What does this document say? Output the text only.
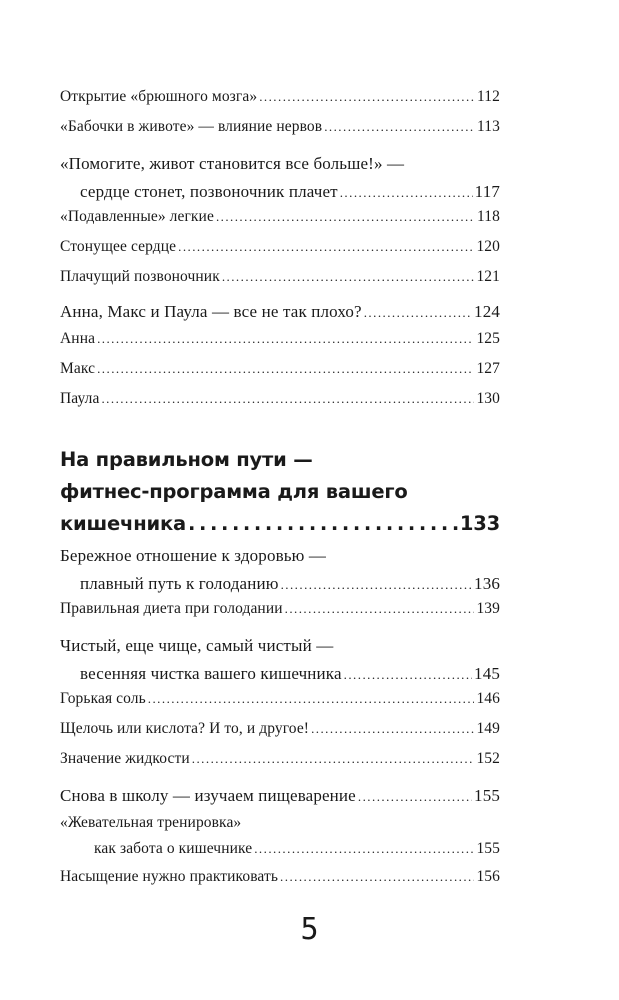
Открытие «брюшного мозга» . . .	112
«Бабочки в животе» — влияние нервов . . .	113
«Помогите, живот становится все больше!» —
сердце стонет, позвоночник плачет . . .	117
«Подавленные» легкие . . .	118
Стонущее сердце . . .	120
Плачущий позвоночник . . .	121
Анна, Макс и Паула — все не так плохо? . . .	124
Анна . . .	125
Макс . . .	127
Паула . . .	130
На правильном пути —
фитнес-программа для вашего
кишечника . . .	133
Бережное отношение к здоровью —
плавный путь к голоданию . . .	136
Правильная диета при голодании . . .	139
Чистый, еще чище, самый чистый —
весенняя чистка вашего кишечника . . .	145
Горькая соль . . .	146
Щелочь или кислота? И то, и другое! . . .	149
Значение жидкости . . .	152
Снова в школу — изучаем пищеварение . . .	155
«Жевательная тренировка»
как забота о кишечнике . . .	155
Насыщение нужно практиковать . . .	156
5
